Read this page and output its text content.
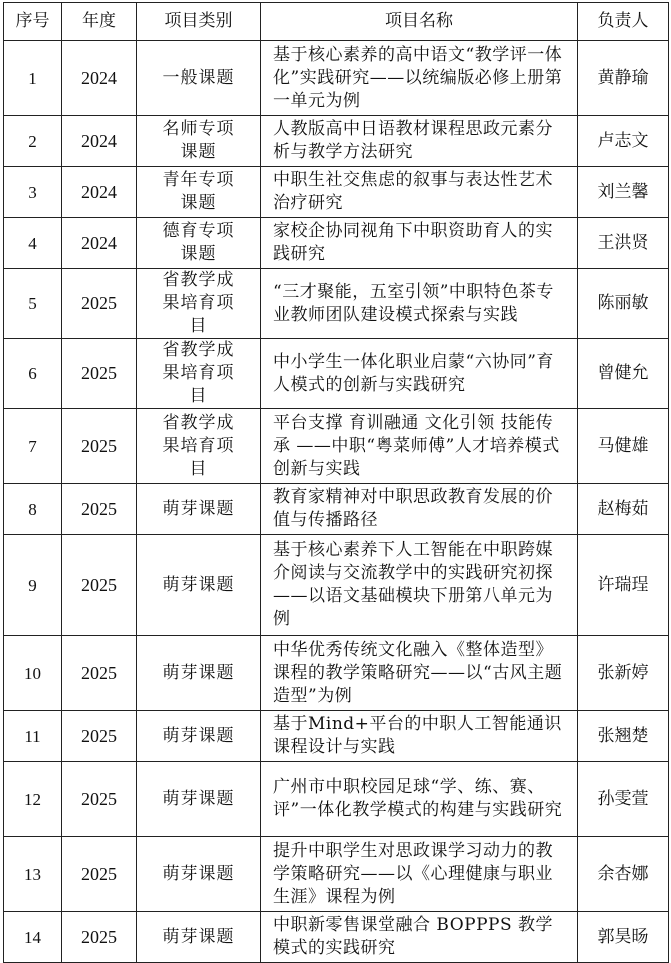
序号	年度	项目类别	项目名称	负责人
1	2024	一般课题	基于核心素养的高中语文“教学评一体化”实践研究——以统编版必修上册第一单元为例	黄静瑜
2	2024	名师专项课题	人教版高中日语教材课程思政元素分析与教学方法研究	卢志文
3	2024	青年专项课题	中职生社交焦虑的叙事与表达性艺术治疗研究	刘兰馨
4	2024	德育专项课题	家校企协同视角下中职资助育人的实践研究	王洪贤
5	2025	省教学成果培育项目	“三才聚能，五室引领”中职特色茶专业教师团队建设模式探索与实践	陈丽敏
6	2025	省教学成果培育项目	中小学生一体化职业启蒙“六协同”育人模式的创新与实践研究	曾健允
7	2025	省教学成果培育项目	平台支撑 育训融通 文化引领 技能传承 ——中职“粤菜师傅”人才培养模式创新与实践	马健雄
8	2025	萌芽课题	教育家精神对中职思政教育发展的价值与传播路径	赵梅茹
9	2025	萌芽课题	基于核心素养下人工智能在中职跨媒介阅读与交流教学中的实践研究初探——以语文基础模块下册第八单元为例	许瑞珵
10	2025	萌芽课题	中华优秀传统文化融入《整体造型》课程的教学策略研究——以“古风主题造型”为例	张新婷
11	2025	萌芽课题	基于Mind+平台的中职人工智能通识课程设计与实践	张翘楚
12	2025	萌芽课题	广州市中职校园足球“学、练、赛、评”一体化教学模式的构建与实践研究	孙雯萱
13	2025	萌芽课题	提升中职学生对思政课学习动力的教学策略研究——以《心理健康与职业生涯》课程为例	余杏娜
14	2025	萌芽课题	中职新零售课堂融合 BOPPPS 教学模式的实践研究	郭昊旸
